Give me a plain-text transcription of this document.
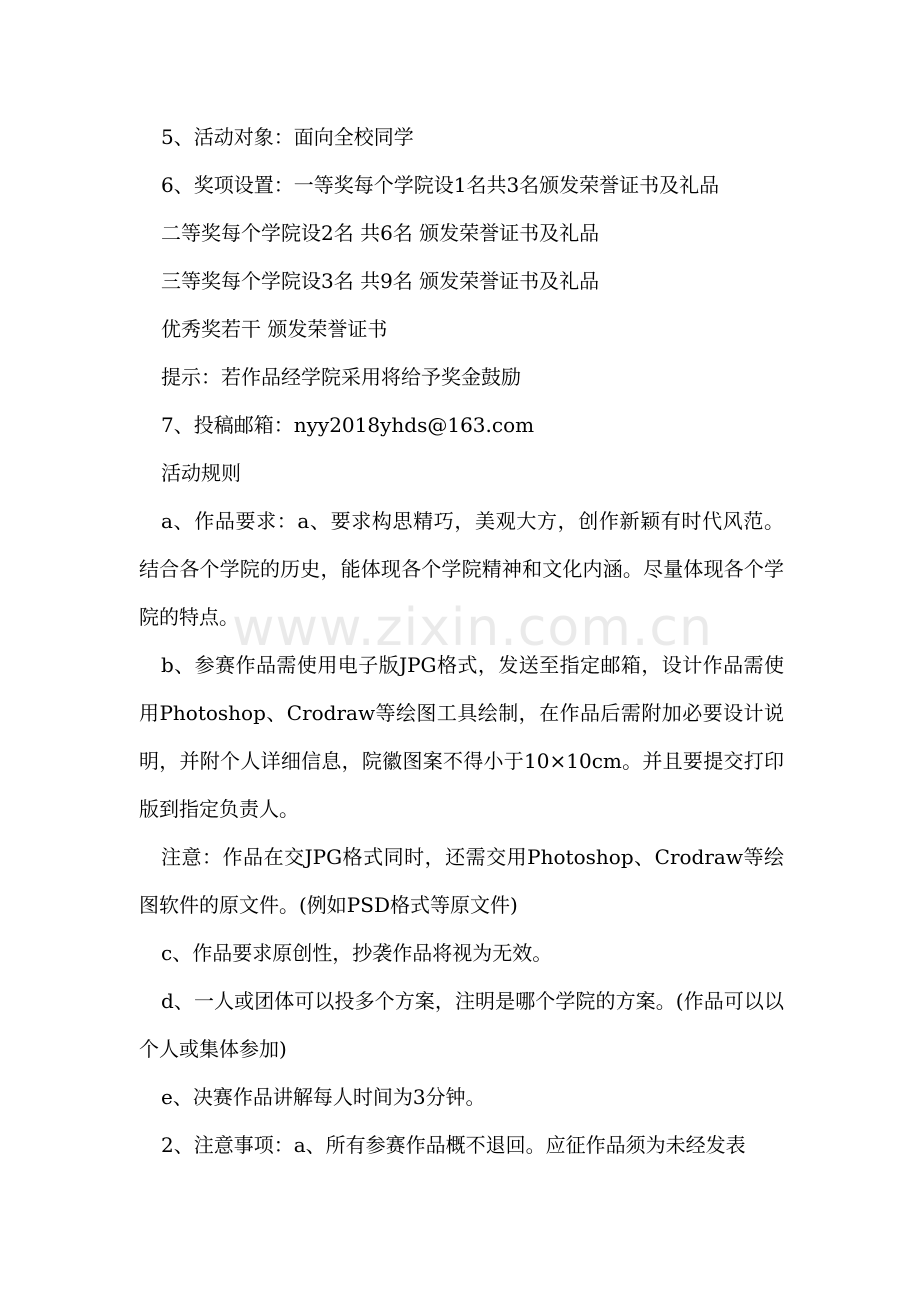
5、活动对象：面向全校同学

6、奖项设置：一等奖每个学院设1名共3名颁发荣誉证书及礼品

二等奖每个学院设2名 共6名 颁发荣誉证书及礼品

三等奖每个学院设3名 共9名 颁发荣誉证书及礼品

优秀奖若干 颁发荣誉证书

提示：若作品经学院采用将给予奖金鼓励

7、投稿邮箱：nyy2018yhds@163.com

活动规则

a、作品要求：a、要求构思精巧，美观大方，创作新颖有时代风范。结合各个学院的历史，能体现各个学院精神和文化内涵。尽量体现各个学院的特点。

b、参赛作品需使用电子版JPG格式，发送至指定邮箱，设计作品需使用Photoshop、Crodraw等绘图工具绘制，在作品后需附加必要设计说明，并附个人详细信息，院徽图案不得小于10×10cm。并且要提交打印版到指定负责人。

注意：作品在交JPG格式同时，还需交用Photoshop、Crodraw等绘图软件的原文件。(例如PSD格式等原文件)

c、作品要求原创性，抄袭作品将视为无效。

d、一人或团体可以投多个方案，注明是哪个学院的方案。(作品可以以个人或集体参加)

e、决赛作品讲解每人时间为3分钟。

2、注意事项：a、所有参赛作品概不退回。应征作品须为未经发表

www.zixin.com.cn
